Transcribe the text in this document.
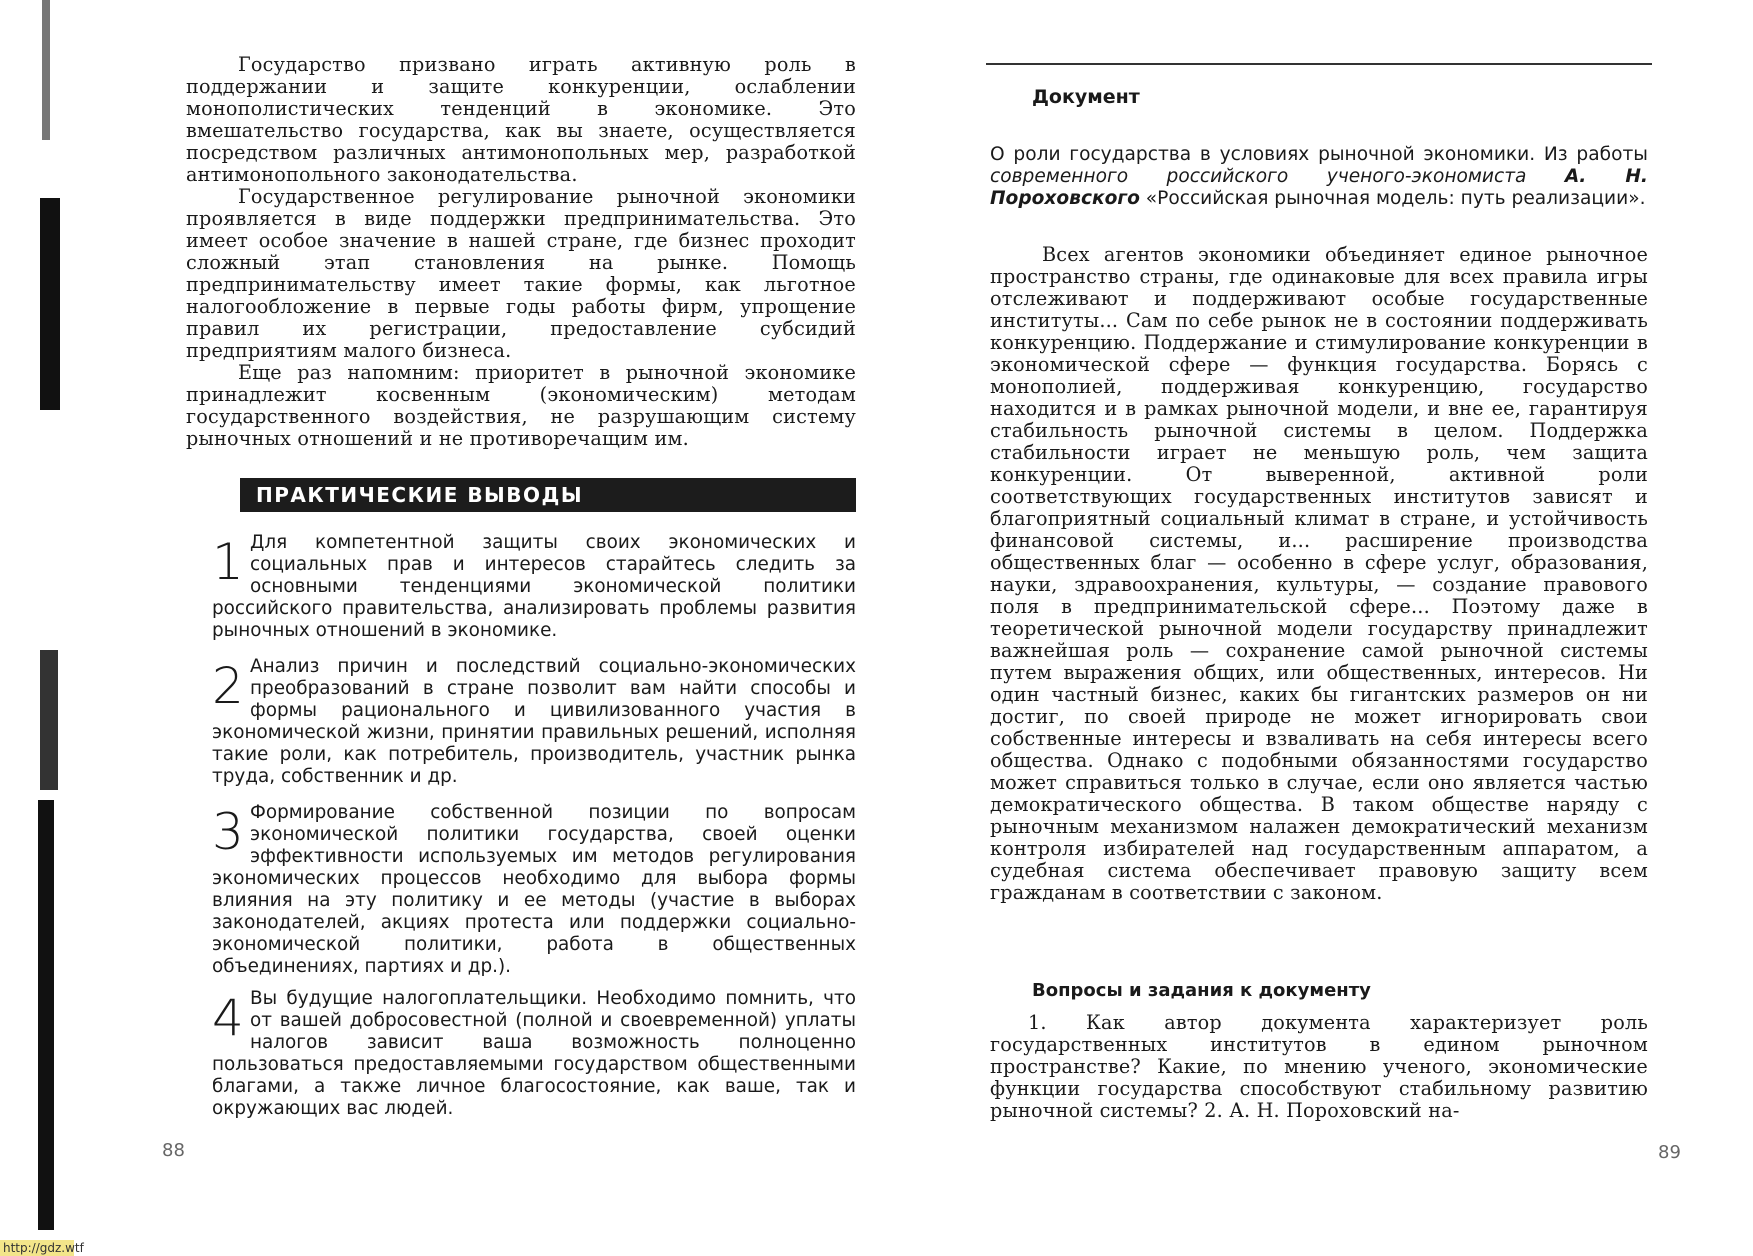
Государство призвано играть активную роль в поддержании и защите конкуренции, ослаблении монополистических тенденций в экономике. Это вмешательство государства, как вы знаете, осуществляется посредством различных антимонопольных мер, разработкой антимонопольного законодательства.

Государственное регулирование рыночной экономики проявляется в виде поддержки предпринимательства. Это имеет особое значение в нашей стране, где бизнес проходит сложный этап становления на рынке. Помощь предпринимательству имеет такие формы, как льготное налогообложение в первые годы работы фирм, упрощение правил их регистрации, предоставление субсидий предприятиям малого бизнеса.

Еще раз напомним: приоритет в рыночной экономике принадлежит косвенным (экономическим) методам государственного воздействия, не разрушающим систему рыночных отношений и не противоречащим им.

ПРАКТИЧЕСКИЕ ВЫВОДЫ

1 Для компетентной защиты своих экономических и социальных прав и интересов старайтесь следить за основными тенденциями экономической политики российского правительства, анализировать проблемы развития рыночных отношений в экономике.

2 Анализ причин и последствий социально-экономических преобразований в стране позволит вам найти способы и формы рационального и цивилизованного участия в экономической жизни, принятии правильных решений, исполняя такие роли, как потребитель, производитель, участник рынка труда, собственник и др.

3 Формирование собственной позиции по вопросам экономической политики государства, своей оценки эффективности используемых им методов регулирования экономических процессов необходимо для выбора формы влияния на эту политику и ее методы (участие в выборах законодателей, акциях протеста или поддержки социально-экономической политики, работа в общественных объединениях, партиях и др.).

4 Вы будущие налогоплательщики. Необходимо помнить, что от вашей добросовестной (полной и своевременной) уплаты налогов зависит ваша возможность полноценно пользоваться предоставляемыми государством общественными благами, а также личное благосостояние, как ваше, так и окружающих вас людей.

88
Документ

О роли государства в условиях рыночной экономики. Из работы современного российского ученого-экономиста А. Н. Пороховского «Российская рыночная модель: путь реализации».

Всех агентов экономики объединяет единое рыночное пространство страны, где одинаковые для всех правила игры отслеживают и поддерживают особые государственные институты... Сам по себе рынок не в состоянии поддерживать конкуренцию. Поддержание и стимулирование конкуренции в экономической сфере — функция государства. Борясь с монополией, поддерживая конкуренцию, государство находится и в рамках рыночной модели, и вне ее, гарантируя стабильность рыночной системы в целом. Поддержка стабильности играет не меньшую роль, чем защита конкуренции. От выверенной, активной роли соответствующих государственных институтов зависят и благоприятный социальный климат в стране, и устойчивость финансовой системы, и... расширение производства общественных благ — особенно в сфере услуг, образования, науки, здравоохранения, культуры, — создание правового поля в предпринимательской сфере... Поэтому даже в теоретической рыночной модели государству принадлежит важнейшая роль — сохранение самой рыночной системы путем выражения общих, или общественных, интересов. Ни один частный бизнес, каких бы гигантских размеров он ни достиг, по своей природе не может игнорировать свои собственные интересы и взваливать на себя интересы всего общества. Однако с подобными обязанностями государство может справиться только в случае, если оно является частью демократического общества. В таком обществе наряду с рыночным механизмом налажен демократический механизм контроля избирателей над государственным аппаратом, а судебная система обеспечивает правовую защиту всем гражданам в соответствии с законом.

Вопросы и задания к документу

1. Как автор документа характеризует роль государственных институтов в едином рыночном пространстве? Какие, по мнению ученого, экономические функции государства способствуют стабильному развитию рыночной системы? 2. А. Н. Пороховский на-

89
http://gdz.wtf
